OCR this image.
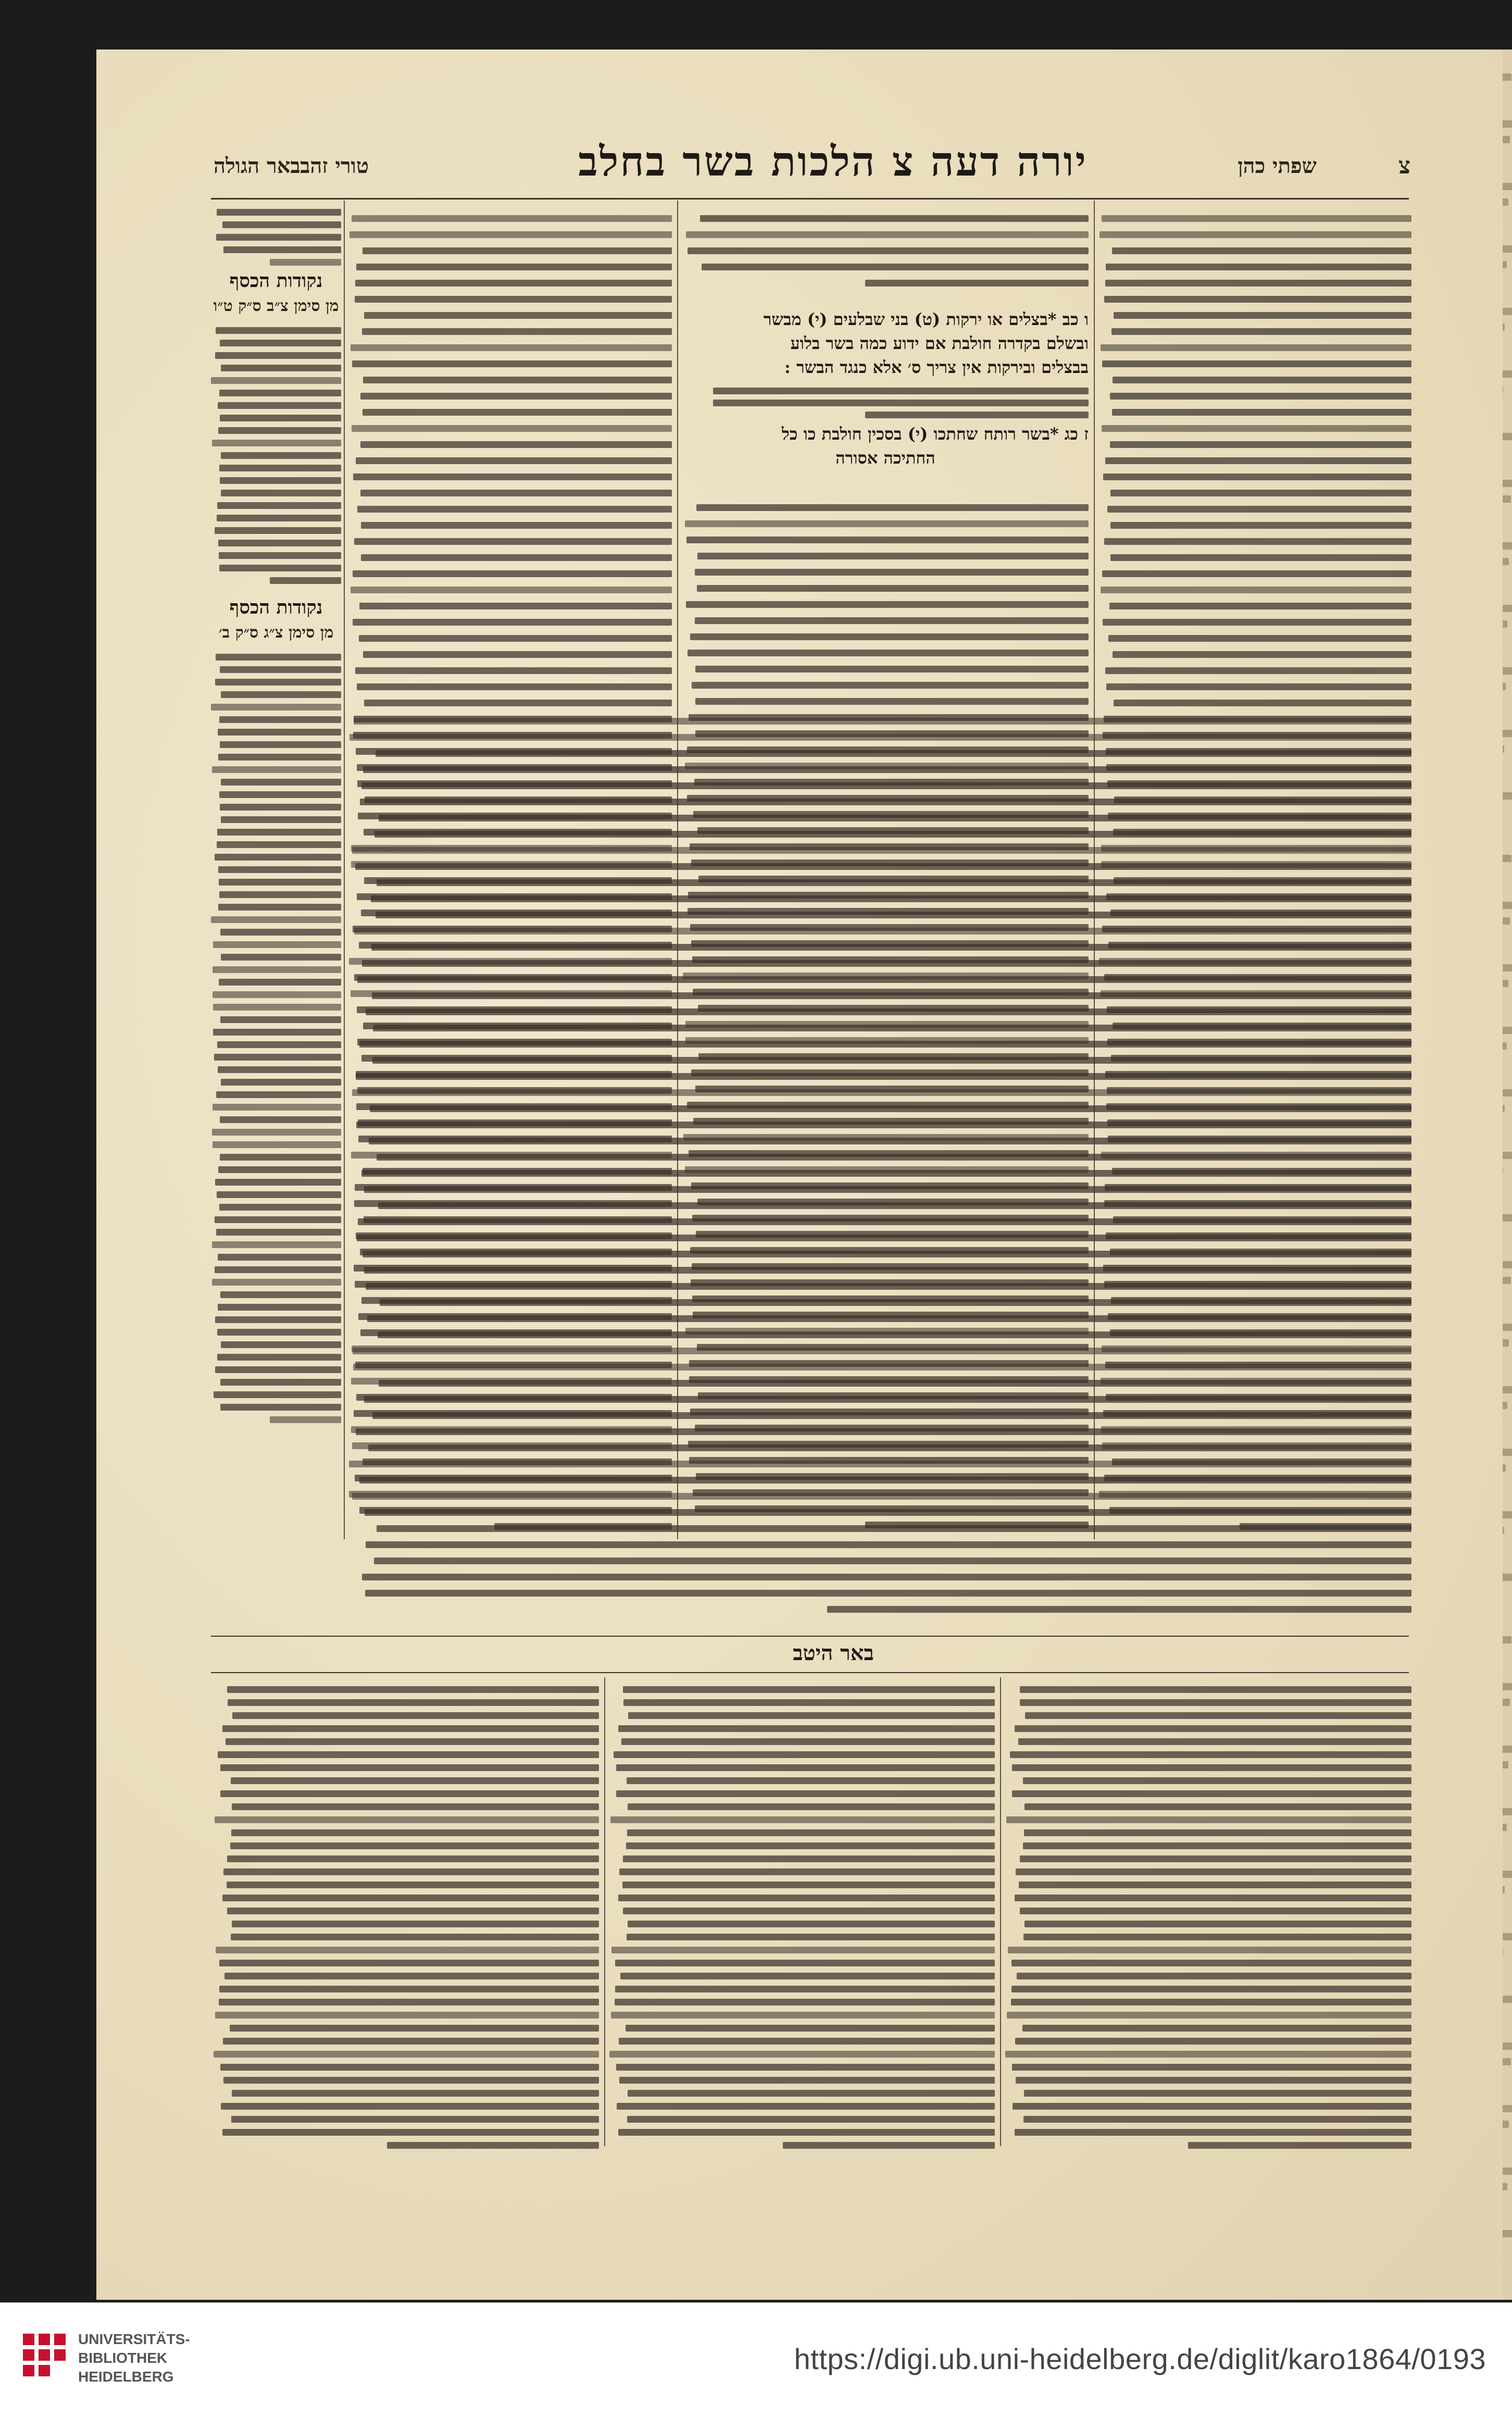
צ
יורה דעה צ הלכות בשר בחלב
טורי זהב	שפתי כהן
באר הגולה
נקודות הכסף
מן סימן צ״ב ס״ק ט״ו
נקודות הכסף
מן סימן צ״ג ס״ק ב׳
ו כב *בצלים או ירקות (ט) בני שבלעים (י) מבשר
ובשלם בקדרה חולבת אם ידוע כמה בשר בלוע
בבצלים ובירקות אין צריך ס׳ אלא כנגד הבשר :
ז כג *בשר רותח שחתכו (י) בסכין חולבת כו כל
החתיכה אסורה
באר היטב
UNIVERSITÄTS-
BIBLIOTHEK
HEIDELBERG
https://digi.ub.uni-heidelberg.de/diglit/karo1864/0193
